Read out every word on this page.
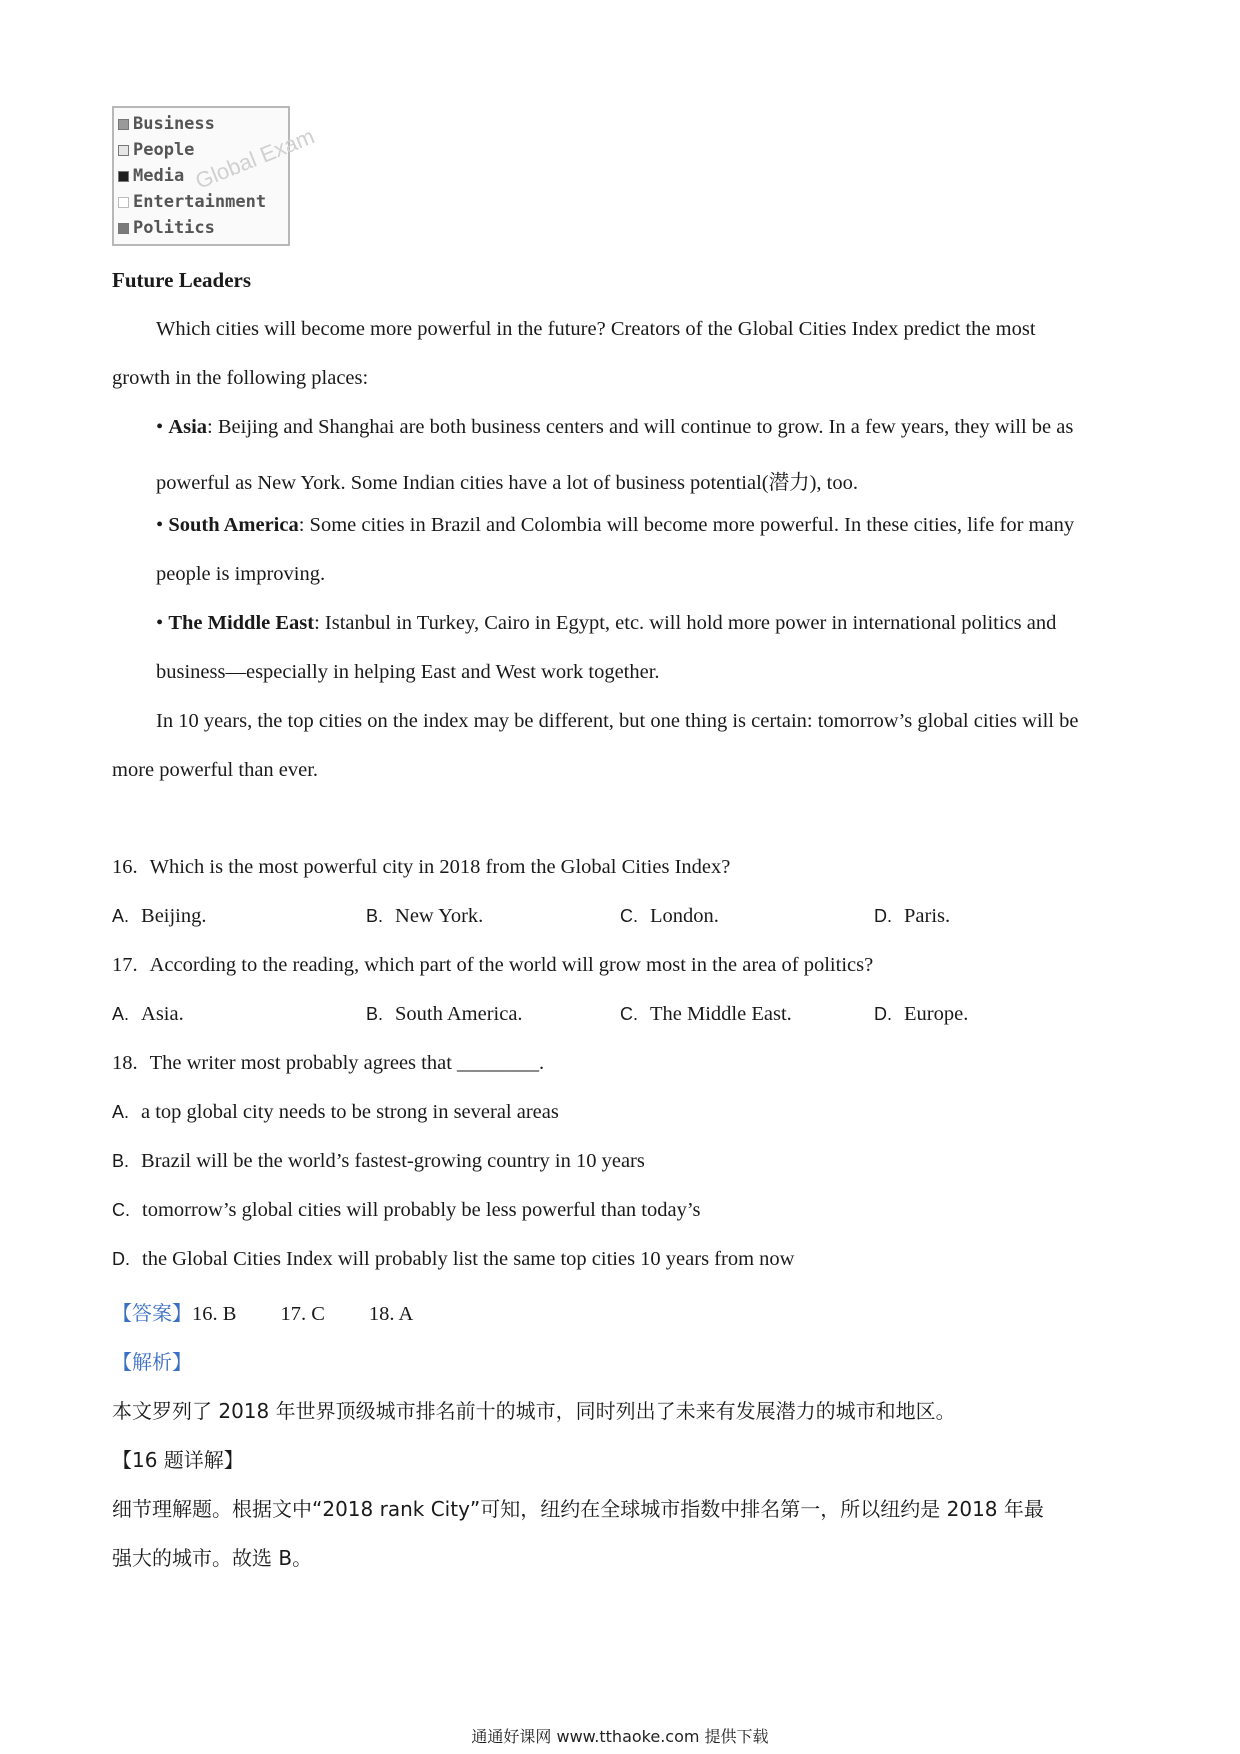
Business
People
Media
Entertainment
Politics
Global Exam
Future Leaders
Which cities will become more powerful in the future? Creators of the Global Cities Index predict the most
growth in the following places:
• Asia: Beijing and Shanghai are both business centers and will continue to grow. In a few years, they will be as
powerful as New York. Some Indian cities have a lot of business potential(潜力), too.
• South America: Some cities in Brazil and Colombia will become more powerful. In these cities, life for many
people is improving.
• The Middle East: Istanbul in Turkey, Cairo in Egypt, etc. will hold more power in international politics and
business—especially in helping East and West work together.
In 10 years, the top cities on the index may be different, but one thing is certain: tomorrow’s global cities will be
more powerful than ever.
16. Which is the most powerful city in 2018 from the Global Cities Index?
A. Beijing.	B. New York.	C. London.	D. Paris.
17. According to the reading, which part of the world will grow most in the area of politics?
A. Asia.	B. South America.	C. The Middle East.	D. Europe.
18. The writer most probably agrees that ________.
A. a top global city needs to be strong in several areas
B. Brazil will be the world’s fastest-growing country in 10 years
C. tomorrow’s global cities will probably be less powerful than today’s
D. the Global Cities Index will probably list the same top cities 10 years from now
【答案】16. B 17. C 18. A
【解析】
本文罗列了 2018 年世界顶级城市排名前十的城市，同时列出了未来有发展潜力的城市和地区。
【16 题详解】
细节理解题。根据文中“2018 rank City”可知，纽约在全球城市指数中排名第一，所以纽约是 2018 年最
强大的城市。故选 B。
通通好课网 www.tthaoke.com 提供下载
